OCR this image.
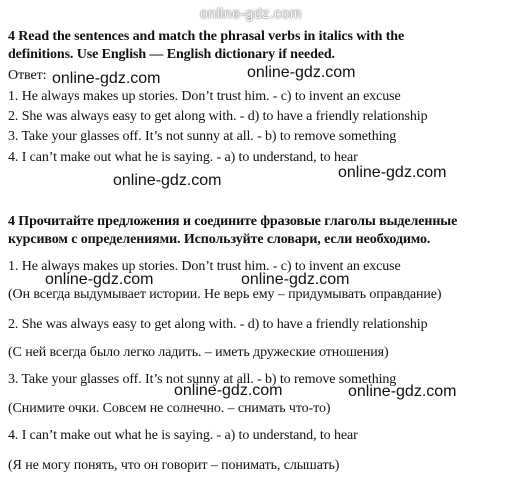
online-gdz.com
4 Read the sentences and match the phrasal verbs in italics with the
definitions. Use English — English dictionary if needed.
Ответ:
1. He always makes up stories. Don’t trust him. - c) to invent an excuse
2. She was always easy to get along with. - d) to have a friendly relationship
3. Take your glasses off. It’s not sunny at all. - b) to remove something
4. I can’t make out what he is saying. - a) to understand, to hear
4 Прочитайте предложения и соедините фразовые глаголы выделенные
курсивом с определениями. Используйте словари, если необходимо.
1. He always makes up stories. Don’t trust him. - c) to invent an excuse
(Он всегда выдумывает истории. Не верь ему – придумывать оправдание)
2. She was always easy to get along with. - d) to have a friendly relationship
(С ней всегда было легко ладить. – иметь дружеские отношения)
3. Take your glasses off. It’s not sunny at all. - b) to remove something
(Снимите очки. Совсем не солнечно. – снимать что-то)
4. I can’t make out what he is saying. - a) to understand, to hear
(Я не могу понять, что он говорит – понимать, слышать)
online-gdz.com	online-gdz.com
online-gdz.com
online-gdz.com
online-gdz.com	online-gdz.com
online-gdz.com	online-gdz.com
